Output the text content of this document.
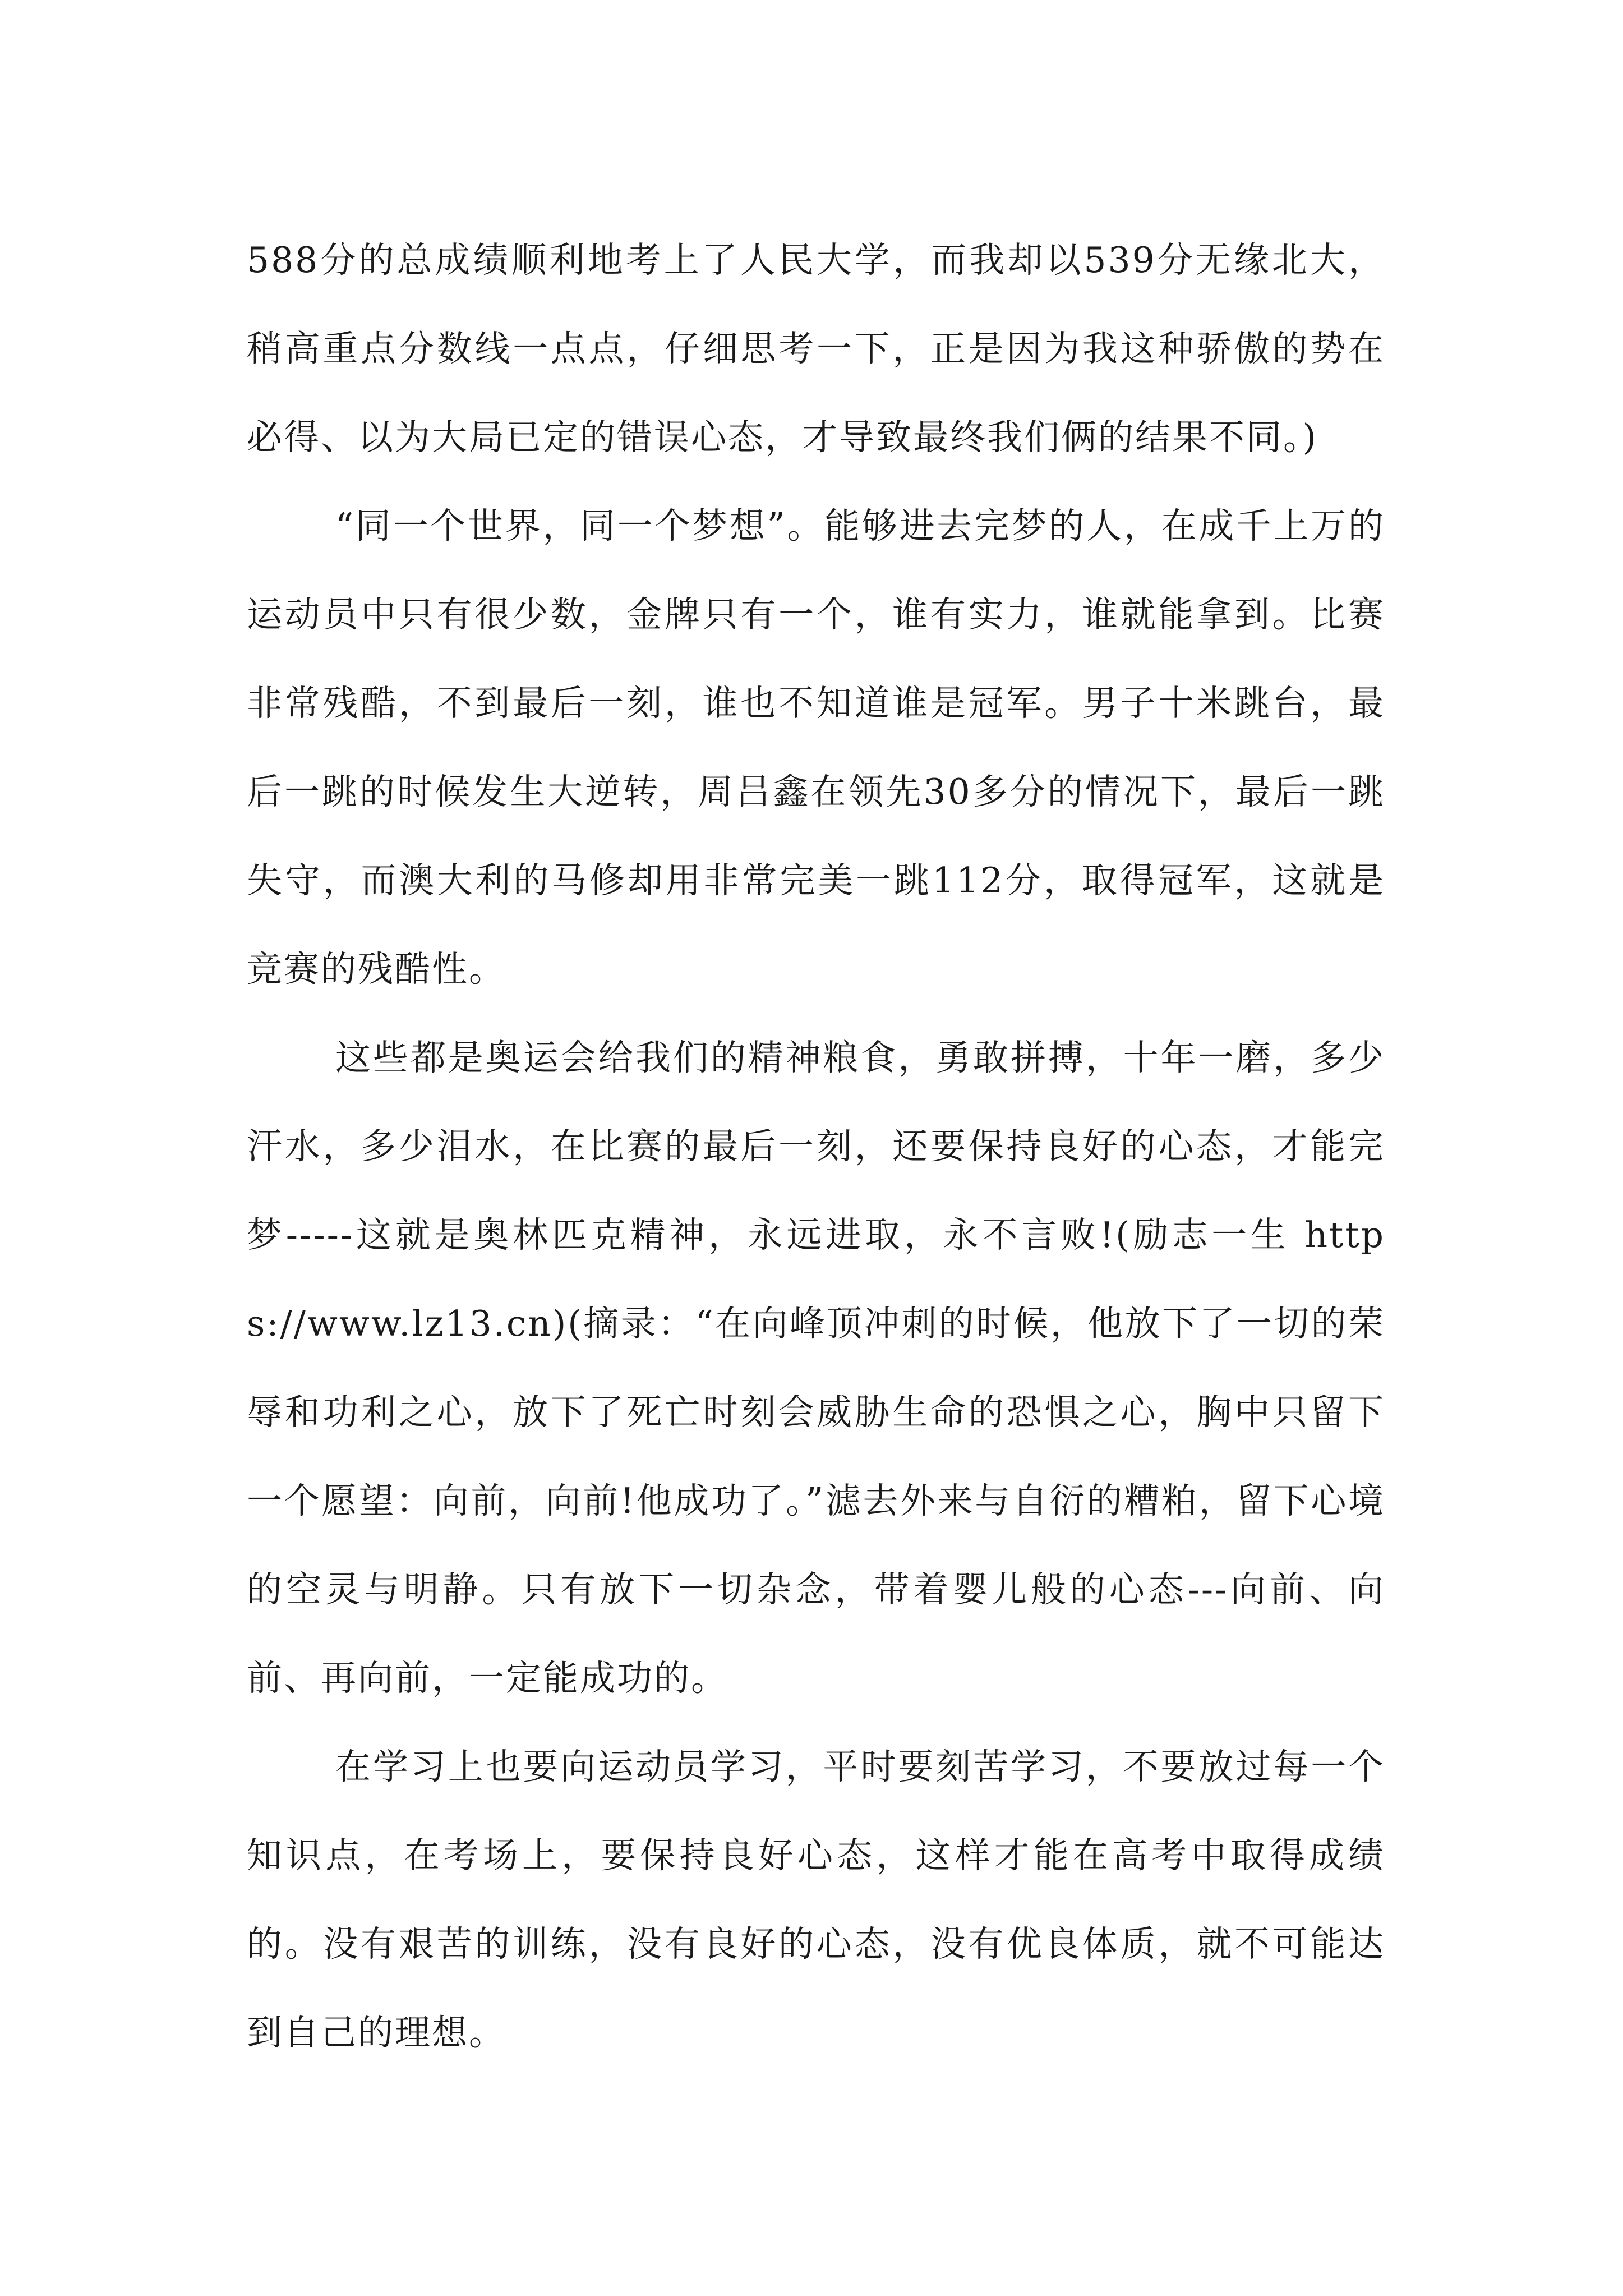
588分的总成绩顺利地考上了人民大学，而我却以539分无缘北大，稍高重点分数线一点点，仔细思考一下，正是因为我这种骄傲的势在必得、以为大局已定的错误心态，才导致最终我们俩的结果不同。)

“同一个世界，同一个梦想”。能够进去完梦的人，在成千上万的运动员中只有很少数，金牌只有一个，谁有实力，谁就能拿到。比赛非常残酷，不到最后一刻，谁也不知道谁是冠军。男子十米跳台，最后一跳的时候发生大逆转，周吕鑫在领先30多分的情况下，最后一跳失守，而澳大利的马修却用非常完美一跳112分，取得冠军，这就是竞赛的残酷性。

这些都是奥运会给我们的精神粮食，勇敢拼搏，十年一磨，多少汗水，多少泪水，在比赛的最后一刻，还要保持良好的心态，才能完梦-----这就是奥林匹克精神，永远进取，永不言败!(励志一生 https://www.lz13.cn)(摘录：“在向峰顶冲刺的时候，他放下了一切的荣辱和功利之心，放下了死亡时刻会威胁生命的恐惧之心，胸中只留下一个愿望：向前，向前!他成功了。”滤去外来与自衍的糟粕，留下心境的空灵与明静。只有放下一切杂念，带着婴儿般的心态---向前、向前、再向前，一定能成功的。

在学习上也要向运动员学习，平时要刻苦学习，不要放过每一个知识点，在考场上，要保持良好心态，这样才能在高考中取得成绩的。没有艰苦的训练，没有良好的心态，没有优良体质，就不可能达到自己的理想。
